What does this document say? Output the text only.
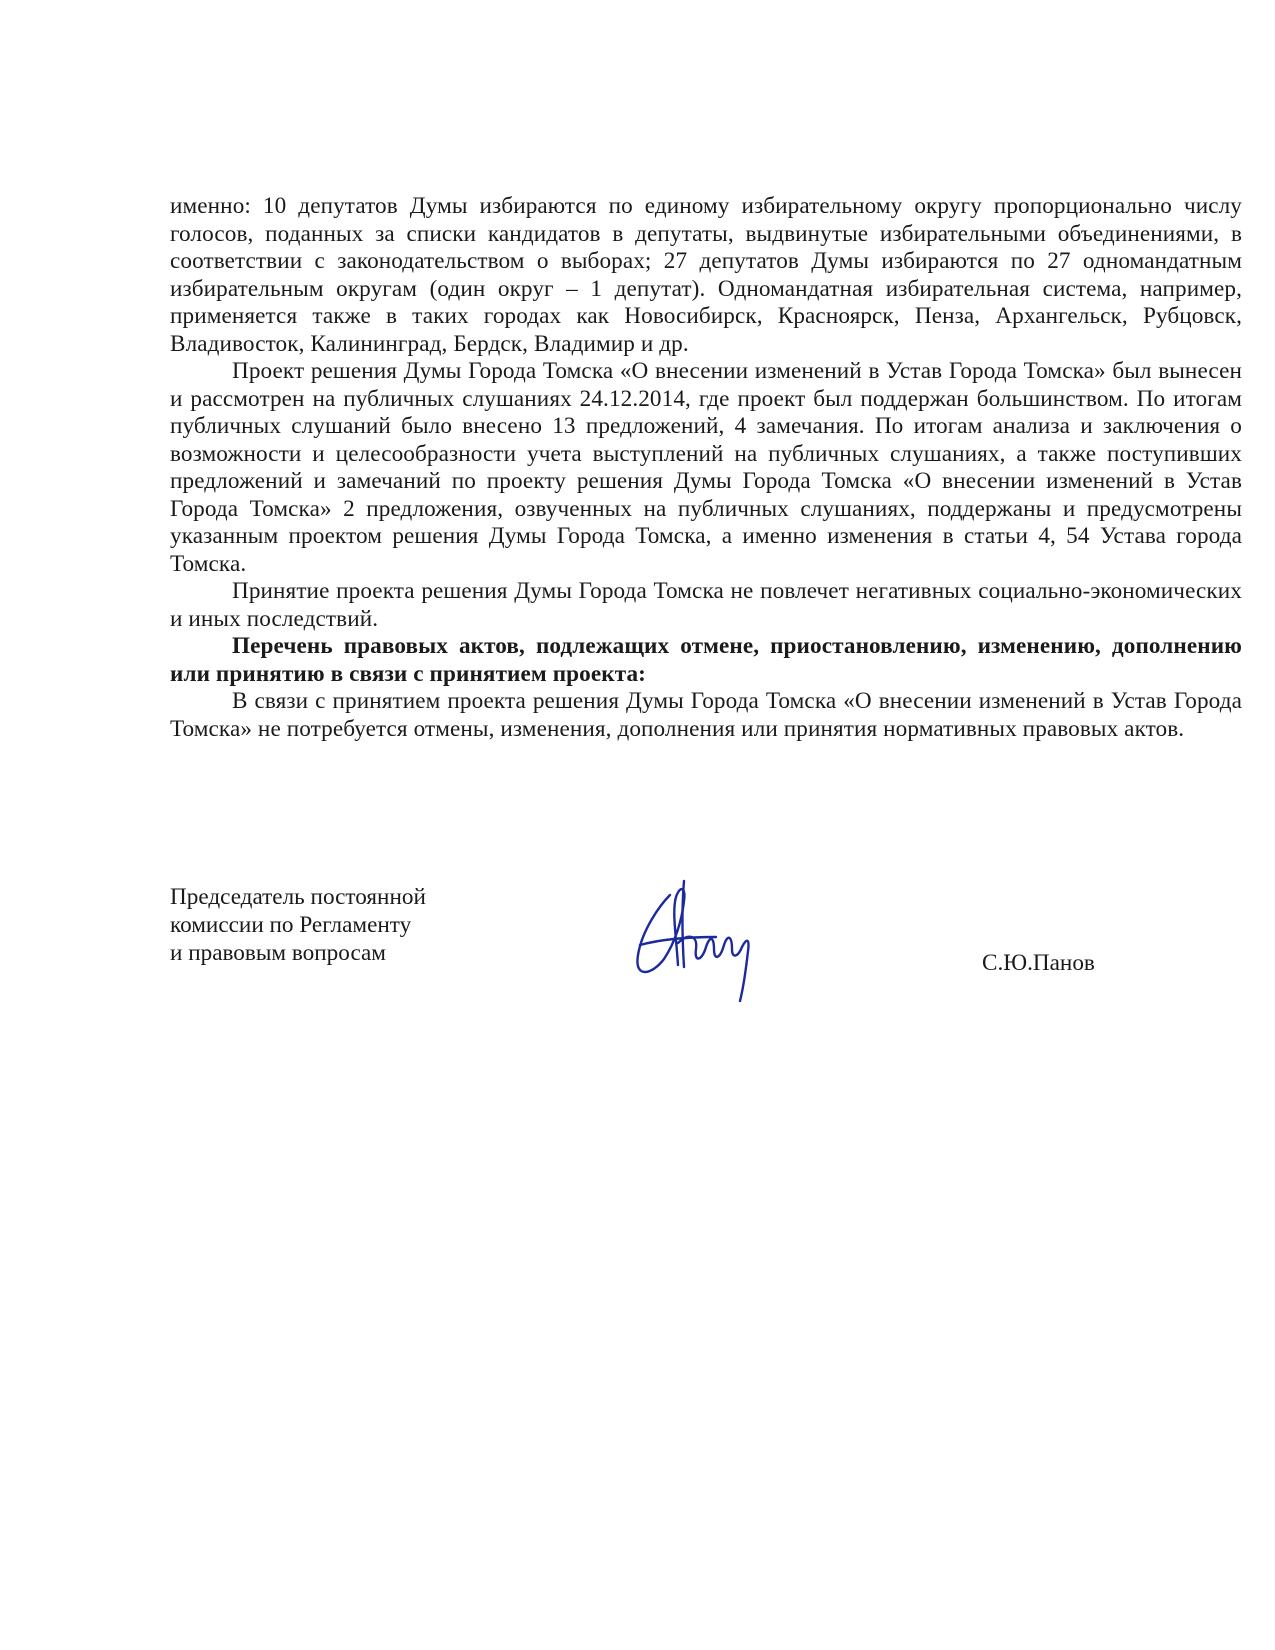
именно: 10 депутатов Думы избираются по единому избирательному округу пропорционально числу голосов, поданных за списки кандидатов в депутаты, выдвинутые избирательными объединениями, в соответствии с законодательством о выборах; 27 депутатов Думы избираются по 27 одномандатным избирательным округам (один округ – 1 депутат). Одномандатная избирательная система, например, применяется также в таких городах как Новосибирск, Красноярск, Пенза, Архангельск, Рубцовск, Владивосток, Калининград, Бердск, Владимир и др.

Проект решения Думы Города Томска «О внесении изменений в Устав Города Томска» был вынесен и рассмотрен на публичных слушаниях 24.12.2014, где проект был поддержан большинством. По итогам публичных слушаний было внесено 13 предложений, 4 замечания. По итогам анализа и заключения о возможности и целесообразности учета выступлений на публичных слушаниях, а также поступивших предложений и замечаний по проекту решения Думы Города Томска «О внесении изменений в Устав Города Томска» 2 предложения, озвученных на публичных слушаниях, поддержаны и предусмотрены указанным проектом решения Думы Города Томска, а именно изменения в статьи 4, 54 Устава города Томска.

Принятие проекта решения Думы Города Томска не повлечет негативных социально-экономических и иных последствий.

Перечень правовых актов, подлежащих отмене, приостановлению, изменению, дополнению или принятию в связи с принятием проекта:

В связи с принятием проекта решения Думы Города Томска «О внесении изменений в Устав Города Томска» не потребуется отмены, изменения, дополнения или принятия нормативных правовых актов.

Председатель постоянной
комиссии по Регламенту
и правовым вопросам	С.Ю.Панов
